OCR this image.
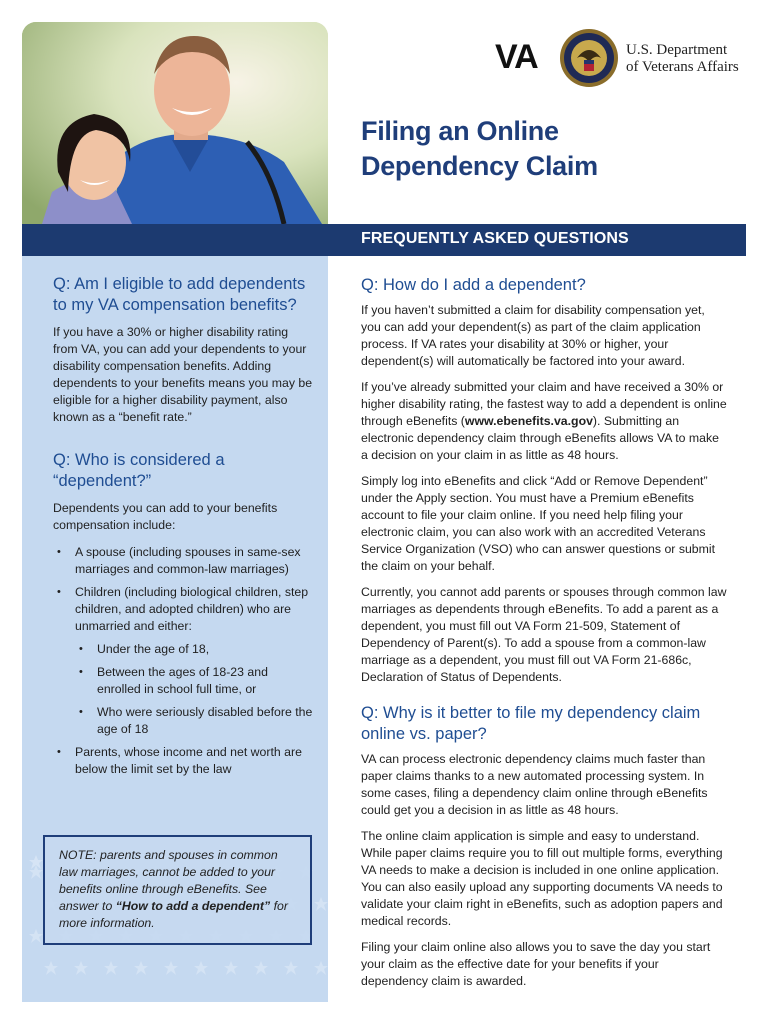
VA	U.S. Department
of Veterans Affairs
Filing an Online
Dependency Claim
FREQUENTLY ASKED QUESTIONS
Q: Am I eligible to add dependents to my VA compensation benefits?
If you have a 30% or higher disability rating from VA, you can add your dependents to your disability compensation benefits. Adding dependents to your benefits means you may be eligible for a higher disability payment, also known as a “benefit rate.”
Q: Who is considered a “dependent?”
Dependents you can add to your benefits compensation include:
• A spouse (including spouses in same-sex marriages and common-law marriages)
• Children (including biological children, step children, and adopted children) who are unmarried and either:
• Under the age of 18,
• Between the ages of 18-23 and enrolled in school full time, or
• Who were seriously disabled before the age of 18
• Parents, whose income and net worth are below the limit set by the law

NOTE: parents and spouses in common law marriages, cannot be added to your benefits online through eBenefits. See answer to “How to add a dependent” for more information.

Q: How do I add a dependent?
If you haven’t submitted a claim for disability compensation yet, you can add your dependent(s) as part of the claim application process. If VA rates your disability at 30% or higher, your dependent(s) will automatically be factored into your award.
If you’ve already submitted your claim and have received a 30% or higher disability rating, the fastest way to add a dependent is online through eBenefits (www.ebenefits.va.gov). Submitting an electronic dependency claim through eBenefits allows VA to make a decision on your claim in as little as 48 hours.
Simply log into eBenefits and click “Add or Remove Dependent” under the Apply section. You must have a Premium eBenefits account to file your claim online. If you need help filing your electronic claim, you can also work with an accredited Veterans Service Organization (VSO) who can answer questions or submit the claim on your behalf.
Currently, you cannot add parents or spouses through common law marriages as dependents through eBenefits. To add a parent as a dependent, you must fill out VA Form 21-509, Statement of Dependency of Parent(s). To add a spouse from a common-law marriage as a dependent, you must fill out VA Form 21-686c, Declaration of Status of Dependents.
Q: Why is it better to file my dependency claim online vs. paper?
VA can process electronic dependency claims much faster than paper claims thanks to a new automated processing system. In some cases, filing a dependency claim online through eBenefits could get you a decision in as little as 48 hours.
The online claim application is simple and easy to understand. While paper claims require you to fill out multiple forms, everything VA needs to make a decision is included in one online application. You can also easily upload any supporting documents VA needs to validate your claim right in eBenefits, such as adoption papers and medical records.
Filing your claim online also allows you to save the day you start your claim as the effective date for your benefits if your dependency claim is awarded.
